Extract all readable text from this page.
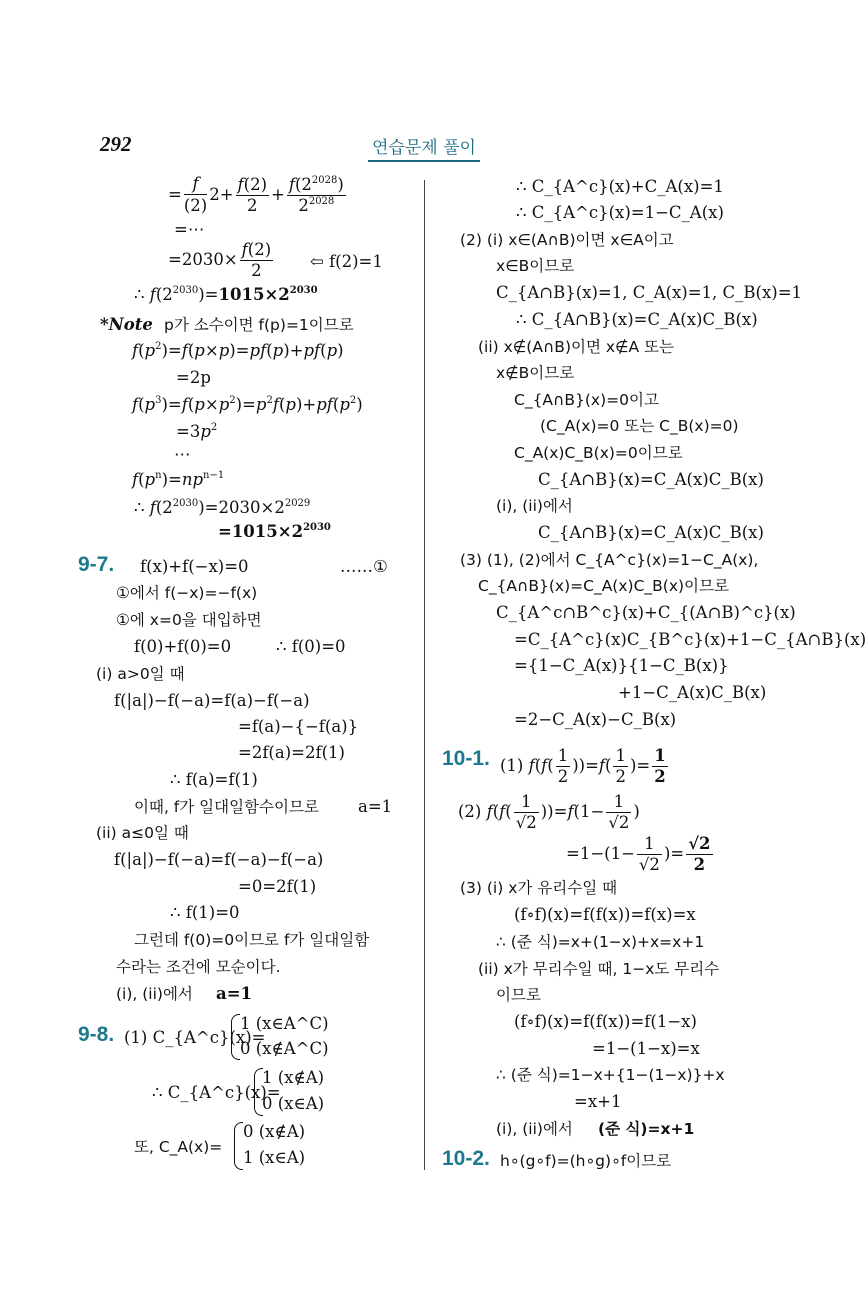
292	연습문제 풀이
=
f
$(2)2+ \frac{f(2)}{2} + \frac{f(2^{2028})}{2^{2028}}$
=⋯
$=2030\times \frac{f(2)}{2}$ ⇦ f(2)=1
∴ $f(2^{2030})=1015\times 2^{2030}$
*Note p가 소수이면 f(p)=1이므로
$f(p^2)=f(p\times p)=pf(p)+pf(p)$
=2p
$f(p^3)=f(p\times p^2)=p^2f(p)+pf(p^2)$
$=3p^2$
⋯
$f(p^n)=np^{n-1}$
∴ $f(2^{2030})=2030\times 2^{2029}$
$=1015\times 2^{2030}$
9-7. f(x)+f(−x)=0	……①
①에서 f(−x)=−f(x)
①에 x=0을 대입하면
f(0)+f(0)=0	∴ f(0)=0
(i) a>0일 때
f(|a|)−f(−a)=f(a)−f(−a)
=f(a)−{−f(a)}
=2f(a)=2f(1)
∴ f(a)=f(1)
이때, f가 일대일함수이므로 a=1
(ii) a≤0일 때
f(|a|)−f(−a)=f(−a)−f(−a)
=0=2f(1)
∴ f(1)=0
그런데 f(0)=0이므로 f가 일대일함
수라는 조건에 모순이다.
(i), (ii)에서 a=1
9-8. (1) C_{A^c}(x)=
1 (x∈A^C)
0 (x∉A^C)
∴ C_{A^c}(x)=
1 (x∉A)
0 (x∈A)
또, C_A(x)=
0 (x∉A)
1 (x∈A)
∴ C_{A^c}(x)+C_A(x)=1
∴ C_{A^c}(x)=1−C_A(x)
(2) (i) x∈(A∩B)이면 x∈A이고
x∈B이므로
C_{A∩B}(x)=1, C_A(x)=1, C_B(x)=1
∴ C_{A∩B}(x)=C_A(x)C_B(x)
(ii) x∉(A∩B)이면 x∉A 또는
x∉B이므로
C_{A∩B}(x)=0이고
(C_A(x)=0 또는 C_B(x)=0)
C_A(x)C_B(x)=0이므로
C_{A∩B}(x)=C_A(x)C_B(x)
(i), (ii)에서
C_{A∩B}(x)=C_A(x)C_B(x)
(3) (1), (2)에서 C_{A^c}(x)=1−C_A(x),
C_{A∩B}(x)=C_A(x)C_B(x)이므로
C_{A^c∩B^c}(x)+C_{(A∩B)^c}(x)
=C_{A^c}(x)C_{B^c}(x)+1−C_{A∩B}(x)
={1−C_A(x)}{1−C_B(x)}
+1−C_A(x)C_B(x)
=2−C_A(x)−C_B(x)
10-1. (1) $f(f( \frac{1}{2} ))=f( \frac{1}{2}$ )= $\frac{1}{2}$
(2) $f(f( \frac{1}{√2} ))=f(1- \frac{1}{√2}$ )
$=1-(1- \frac{1}{√2}$ )= $\frac{√2}{2}$
(3) (i) x가 유리수일 때
(f∘f)(x)=f(f(x))=f(x)=x
∴ (준 식)=x+(1−x)+x=x+1
(ii) x가 무리수일 때, 1−x도 무리수
이므로
(f∘f)(x)=f(f(x))=f(1−x)
=1−(1−x)=x
∴ (준 식)=1−x+{1−(1−x)}+x
=x+1
(i), (ii)에서 (준 식)=x+1
10-2. h∘(g∘f)=(h∘g)∘f이므로
